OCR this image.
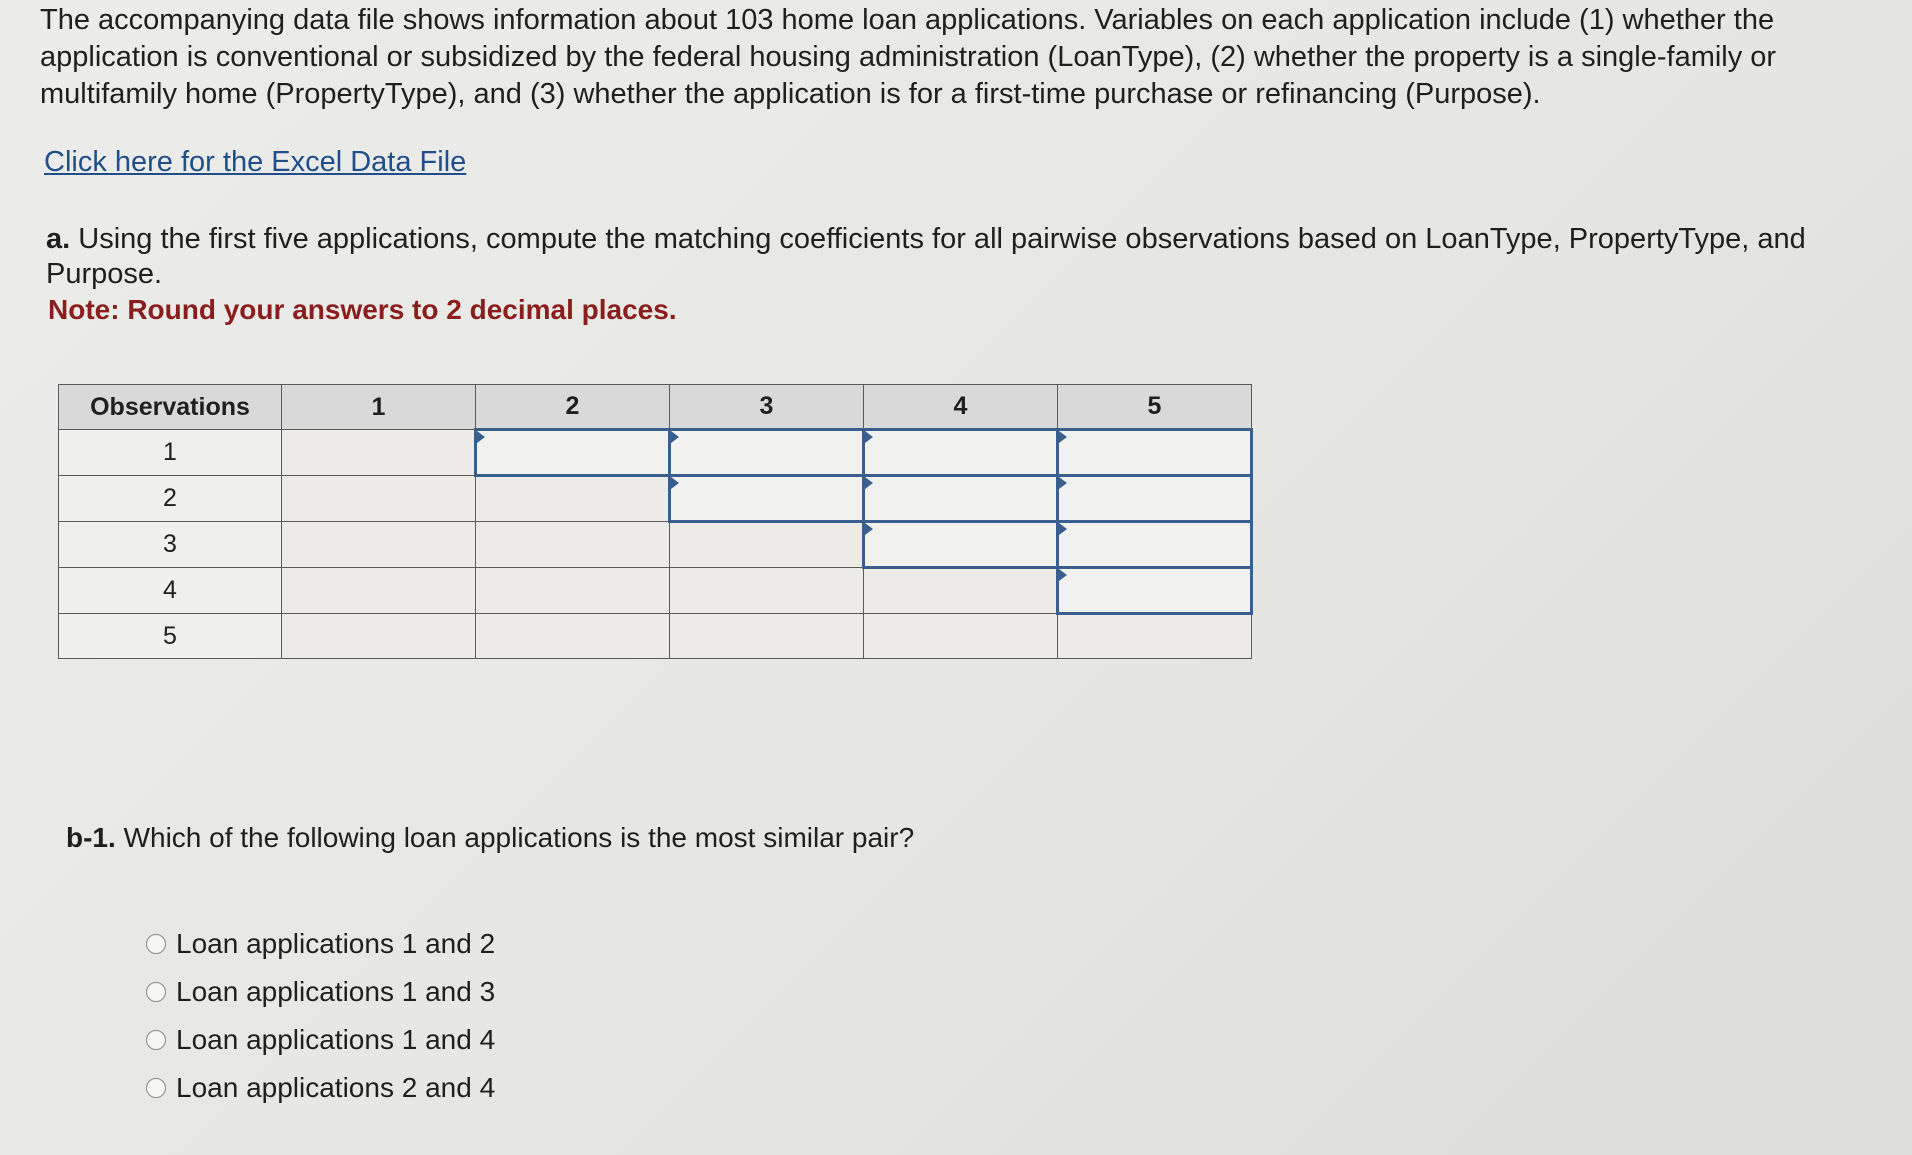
The accompanying data file shows information about 103 home loan applications. Variables on each application include (1) whether the application is conventional or subsidized by the federal housing administration (LoanType), (2) whether the property is a single-family or multifamily home (PropertyType), and (3) whether the application is for a first-time purchase or refinancing (Purpose).

Click here for the Excel Data File
a. Using the first five applications, compute the matching coefficients for all pairwise observations based on LoanType, PropertyType, and Purpose.
Note: Round your answers to 2 decimal places.
Observations	1	2	3	4	5
1					
2					
3					
4					
5					
b-1. Which of the following loan applications is the most similar pair?
Loan applications 1 and 2
Loan applications 1 and 3
Loan applications 1 and 4
Loan applications 2 and 4
